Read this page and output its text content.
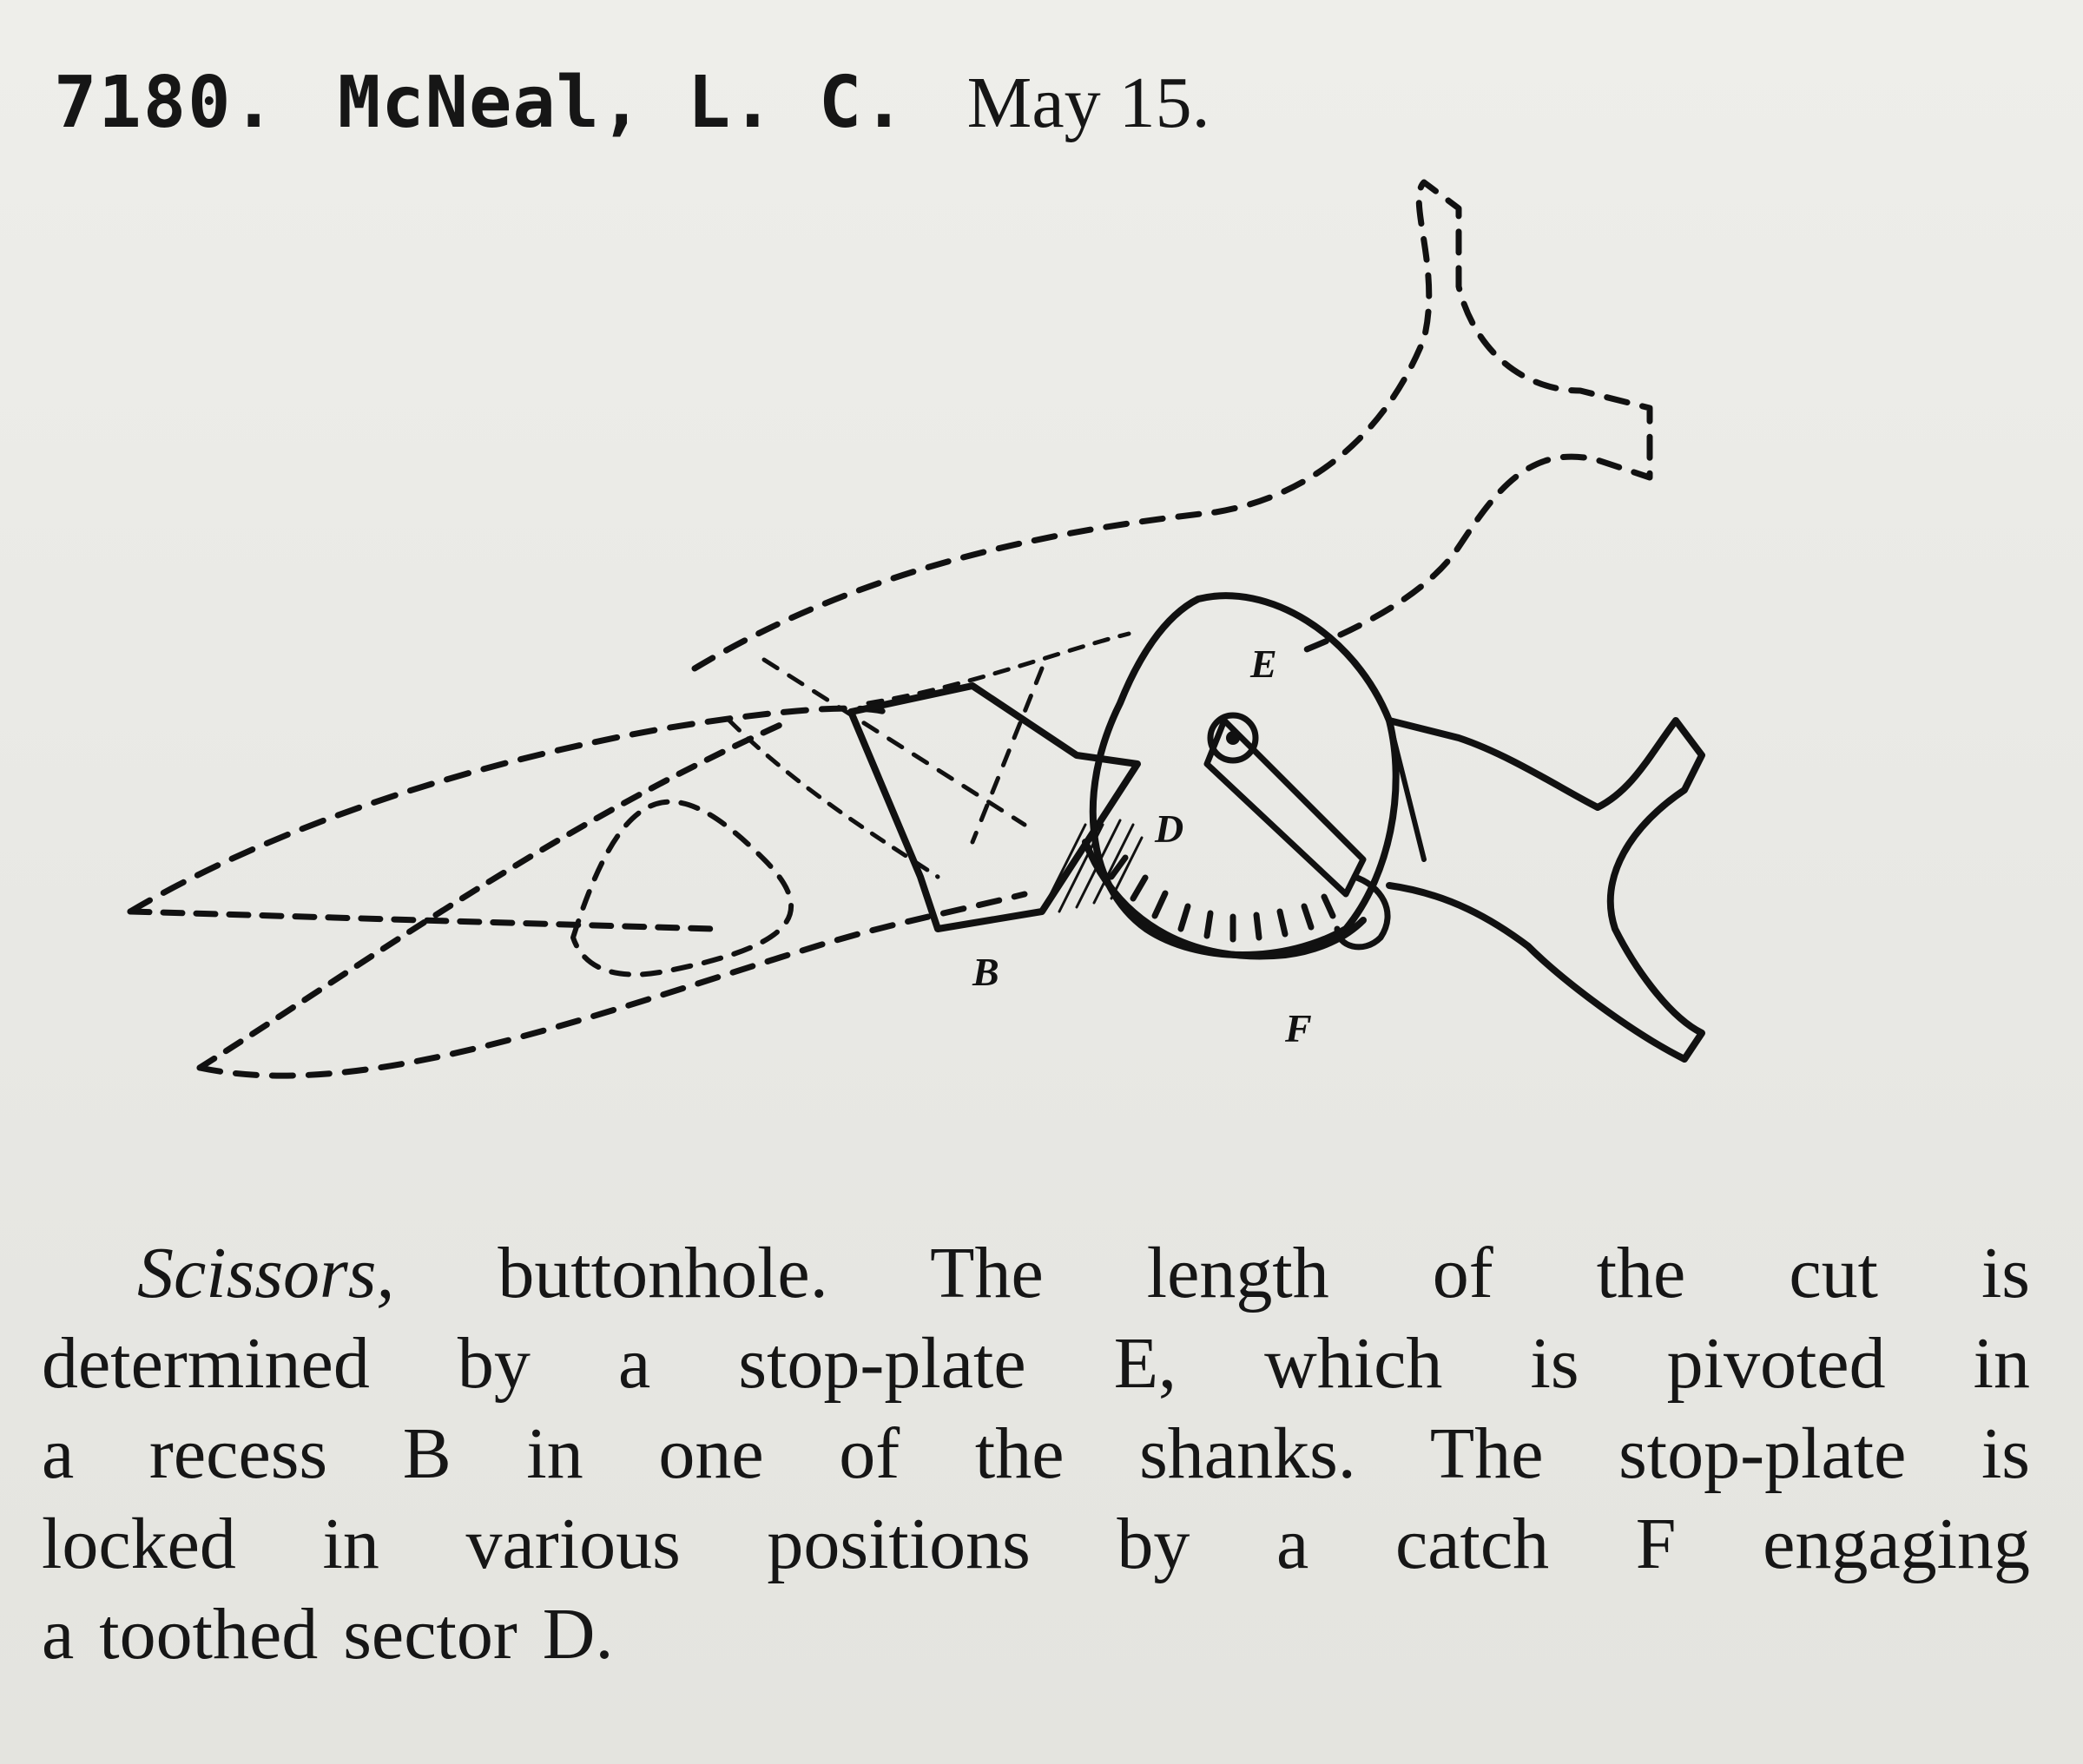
7180. McNeal, L. C. May 15.
E
D
B
F
Scissors, buttonhole. The length of the cut is
determined by a stop-plate E, which is pivoted in
a recess B in one of the shanks. The stop-plate is
locked in various positions by a catch F engaging
a toothed sector D.
